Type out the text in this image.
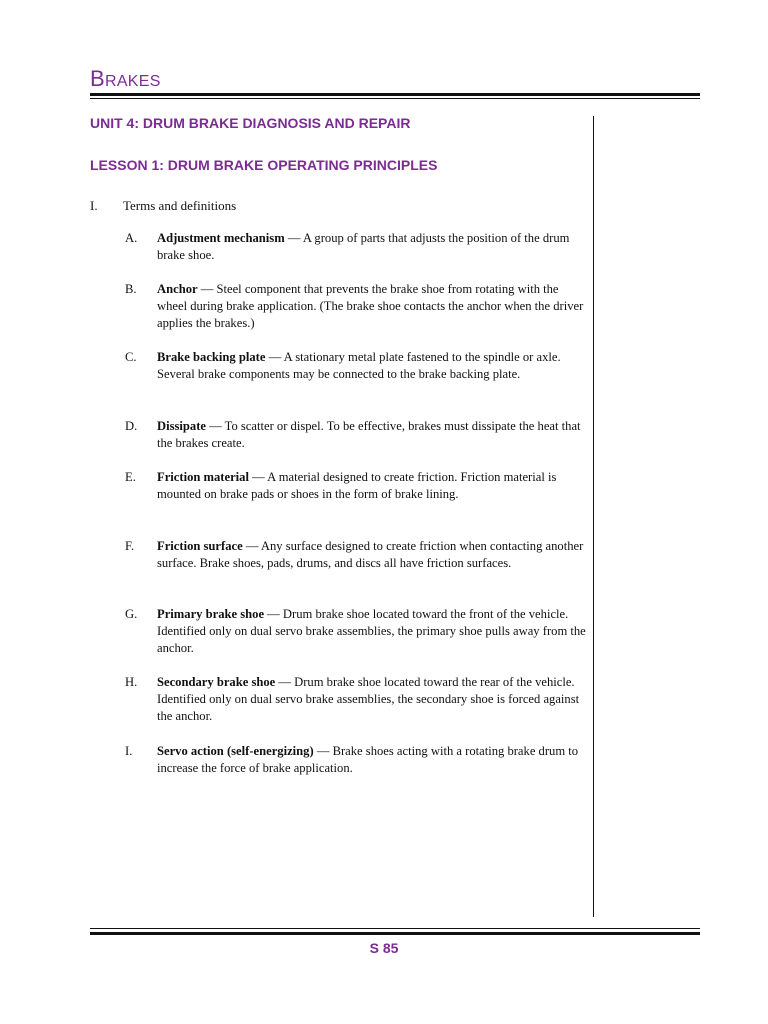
BRAKES
UNIT 4: DRUM BRAKE DIAGNOSIS AND REPAIR
LESSON 1: DRUM BRAKE OPERATING PRINCIPLES
I. Terms and definitions
A. Adjustment mechanism — A group of parts that adjusts the position of the drum brake shoe.
B. Anchor — Steel component that prevents the brake shoe from rotating with the wheel during brake application. (The brake shoe contacts the anchor when the driver applies the brakes.)
C. Brake backing plate — A stationary metal plate fastened to the spindle or axle. Several brake components may be connected to the brake backing plate.
D. Dissipate — To scatter or dispel. To be effective, brakes must dissipate the heat that the brakes create.
E. Friction material — A material designed to create friction. Friction material is mounted on brake pads or shoes in the form of brake lining.
F. Friction surface — Any surface designed to create friction when contacting another surface. Brake shoes, pads, drums, and discs all have friction surfaces.
G. Primary brake shoe — Drum brake shoe located toward the front of the vehicle. Identified only on dual servo brake assemblies, the primary shoe pulls away from the anchor.
H. Secondary brake shoe — Drum brake shoe located toward the rear of the vehicle. Identified only on dual servo brake assemblies, the secondary shoe is forced against the anchor.
I. Servo action (self-energizing) — Brake shoes acting with a rotating brake drum to increase the force of brake application.
S 85
